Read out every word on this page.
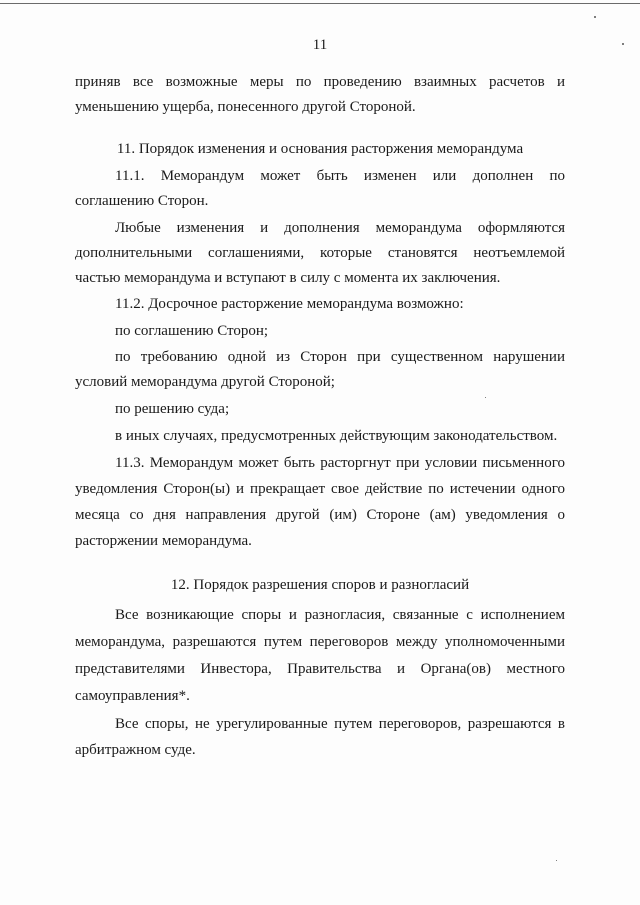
11

приняв все возможные меры по проведению взаимных расчетов и

уменьшению ущерба, понесенного другой Стороной.

11. Порядок изменения и основания расторжения меморандума

11.1. Меморандум может быть изменен или дополнен по

соглашению Сторон.

Любые изменения и дополнения меморандума оформляются

дополнительными соглашениями, которые становятся неотъемлемой

частью меморандума и вступают в силу с момента их заключения.

11.2. Досрочное расторжение меморандума возможно:

по соглашению Сторон;

по требованию одной из Сторон при существенном нарушении

условий меморандума другой Стороной;

по решению суда;

в иных случаях, предусмотренных действующим законодательством.

11.3. Меморандум может быть расторгнут при условии письменного

уведомления Сторон(ы) и прекращает свое действие по истечении одного

месяца со дня направления другой (им) Стороне (ам) уведомления о

расторжении меморандума.

12. Порядок разрешения споров и разногласий

Все возникающие споры и разногласия, связанные с исполнением

меморандума, разрешаются путем переговоров между уполномоченными

представителями Инвестора, Правительства и Органа(ов) местного

самоуправления*.

Все споры, не урегулированные путем переговоров, разрешаются в

арбитражном суде.
